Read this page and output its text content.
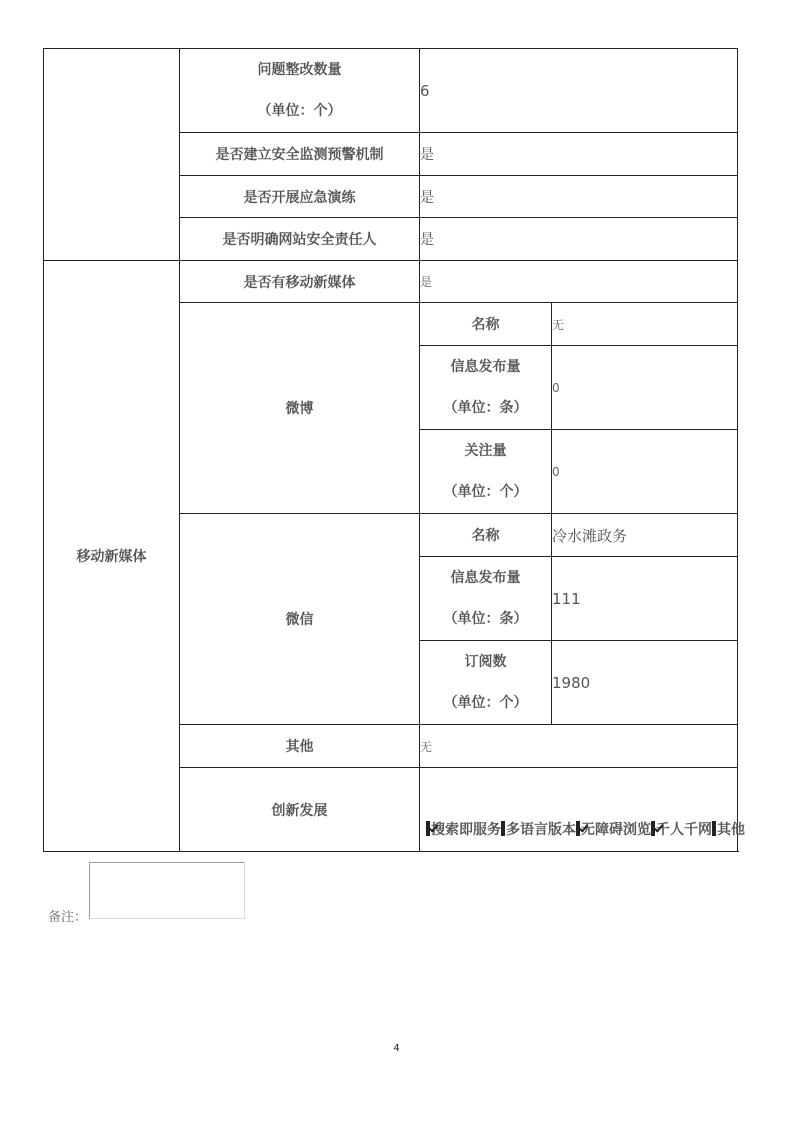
	问题整改数量
（单位：个）	6	
	是否建立安全监测预警机制	是	
	是否开展应急演练	是	
	是否明确网站安全责任人	是	
移动新媒体	是否有移动新媒体	是	
	微博	名称	无

		信息发布量
（单位：条）	0

		关注量
（单位：个）	0
	微信	名称	冷水滩政务

		信息发布量
（单位：条）	111

		订阅数
（单位：个）	1980
	其他	无	
	创新发展	搜索即服务 多语言版本 无障碍浏览 千人千网 其他	
备注：
4
